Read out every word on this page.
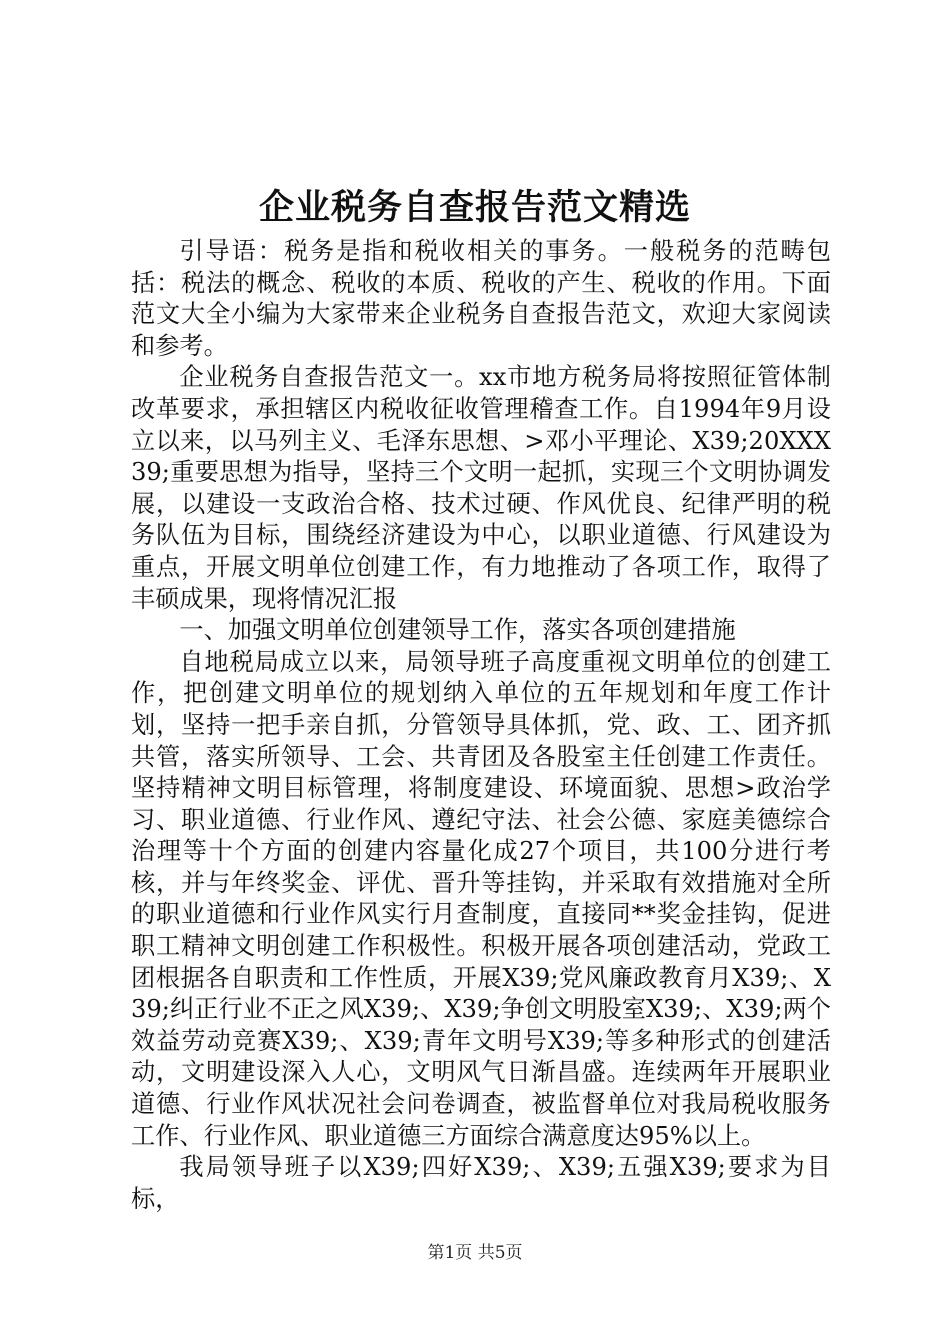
企业税务自查报告范文精选

引导语：税务是指和税收相关的事务。一般税务的范畴包括：税法的概念、税收的本质、税收的产生、税收的作用。下面范文大全小编为大家带来企业税务自查报告范文，欢迎大家阅读和参考。

企业税务自查报告范文一。xx市地方税务局将按照征管体制改革要求，承担辖区内税收征收管理稽查工作。自1994年9月设立以来，以马列主义、毛泽东思想、>邓小平理论、X39;20XXX39;重要思想为指导，坚持三个文明一起抓，实现三个文明协调发展，以建设一支政治合格、技术过硬、作风优良、纪律严明的税务队伍为目标，围绕经济建设为中心，以职业道德、行风建设为重点，开展文明单位创建工作，有力地推动了各项工作，取得了丰硕成果，现将情况汇报

一、加强文明单位创建领导工作，落实各项创建措施

自地税局成立以来，局领导班子高度重视文明单位的创建工作，把创建文明单位的规划纳入单位的五年规划和年度工作计划，坚持一把手亲自抓，分管领导具体抓，党、政、工、团齐抓共管，落实所领导、工会、共青团及各股室主任创建工作责任。坚持精神文明目标管理，将制度建设、环境面貌、思想>政治学习、职业道德、行业作风、遵纪守法、社会公德、家庭美德综合治理等十个方面的创建内容量化成27个项目，共100分进行考核，并与年终奖金、评优、晋升等挂钩，并采取有效措施对全所的职业道德和行业作风实行月查制度，直接同**奖金挂钩，促进职工精神文明创建工作积极性。积极开展各项创建活动，党政工团根据各自职责和工作性质，开展X39;党风廉政教育月X39;、X39;纠正行业不正之风X39;、X39;争创文明股室X39;、X39;两个效益劳动竞赛X39;、X39;青年文明号X39;等多种形式的创建活动，文明建设深入人心，文明风气日渐昌盛。连续两年开展职业道德、行业作风状况社会问卷调查，被监督单位对我局税收服务工作、行业作风、职业道德三方面综合满意度达95%以上。

我局领导班子以X39;四好X39;、X39;五强X39;要求为目标，

第1页 共5页
